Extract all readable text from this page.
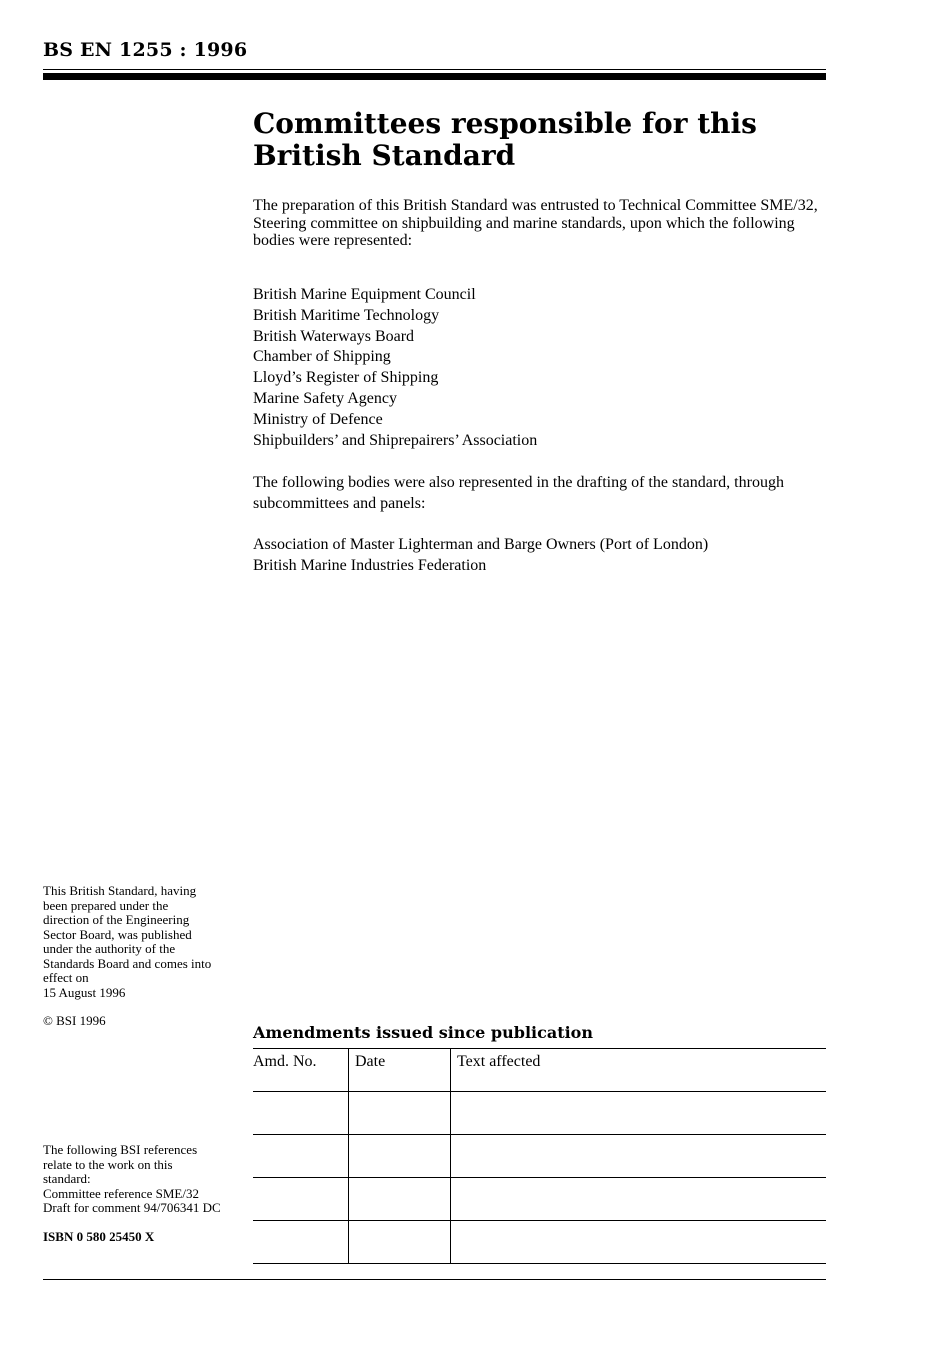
BS EN 1255 : 1996
Committees responsible for this
British Standard
The preparation of this British Standard was entrusted to Technical Committee SME/32, Steering committee on shipbuilding and marine standards, upon which the following bodies were represented:
British Marine Equipment Council
British Maritime Technology
British Waterways Board
Chamber of Shipping
Lloyd’s Register of Shipping
Marine Safety Agency
Ministry of Defence
Shipbuilders’ and Shiprepairers’ Association
The following bodies were also represented in the drafting of the standard, through subcommittees and panels:
Association of Master Lighterman and Barge Owners (Port of London)
British Marine Industries Federation
This British Standard, having
been prepared under the
direction of the Engineering
Sector Board, was published
under the authority of the
Standards Board and comes into
effect on
15 August 1996
© BSI 1996
The following BSI references
relate to the work on this
standard:
Committee reference SME/32
Draft for comment 94/706341 DC
ISBN 0 580 25450 X
Amendments issued since publication
Amd. No.	Date	Text affected
